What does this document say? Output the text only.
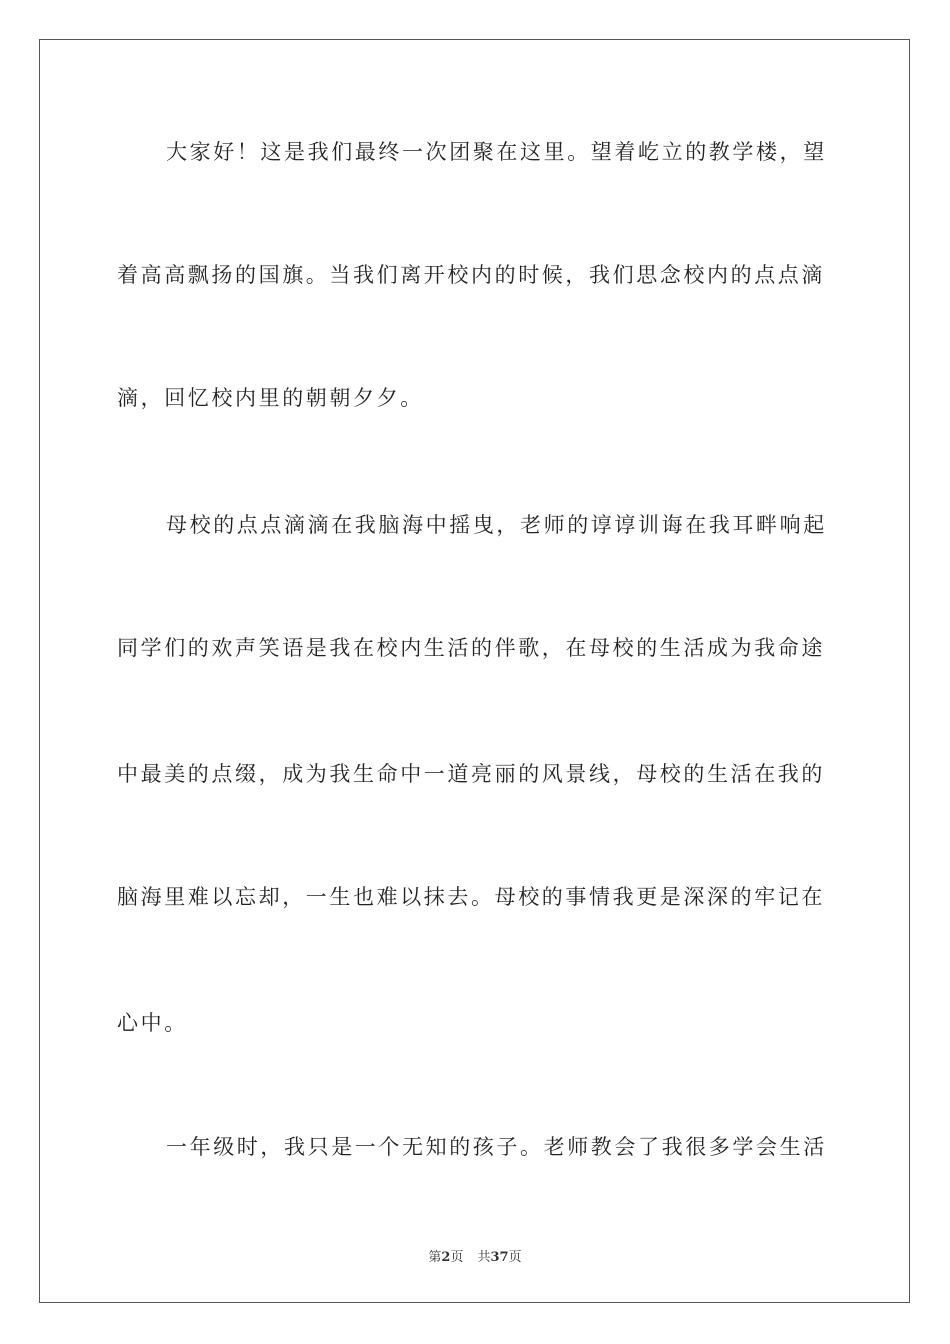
大家好！这是我们最终一次团聚在这里。望着屹立的教学楼，望
着高高飘扬的国旗。当我们离开校内的时候，我们思念校内的点点滴
滴，回忆校内里的朝朝夕夕。
母校的点点滴滴在我脑海中摇曳，老师的谆谆训诲在我耳畔响起
同学们的欢声笑语是我在校内生活的伴歌，在母校的生活成为我命途
中最美的点缀，成为我生命中一道亮丽的风景线，母校的生活在我的
脑海里难以忘却，一生也难以抹去。母校的事情我更是深深的牢记在
心中。
一年级时，我只是一个无知的孩子。老师教会了我很多学会生活
第2页 共37页
